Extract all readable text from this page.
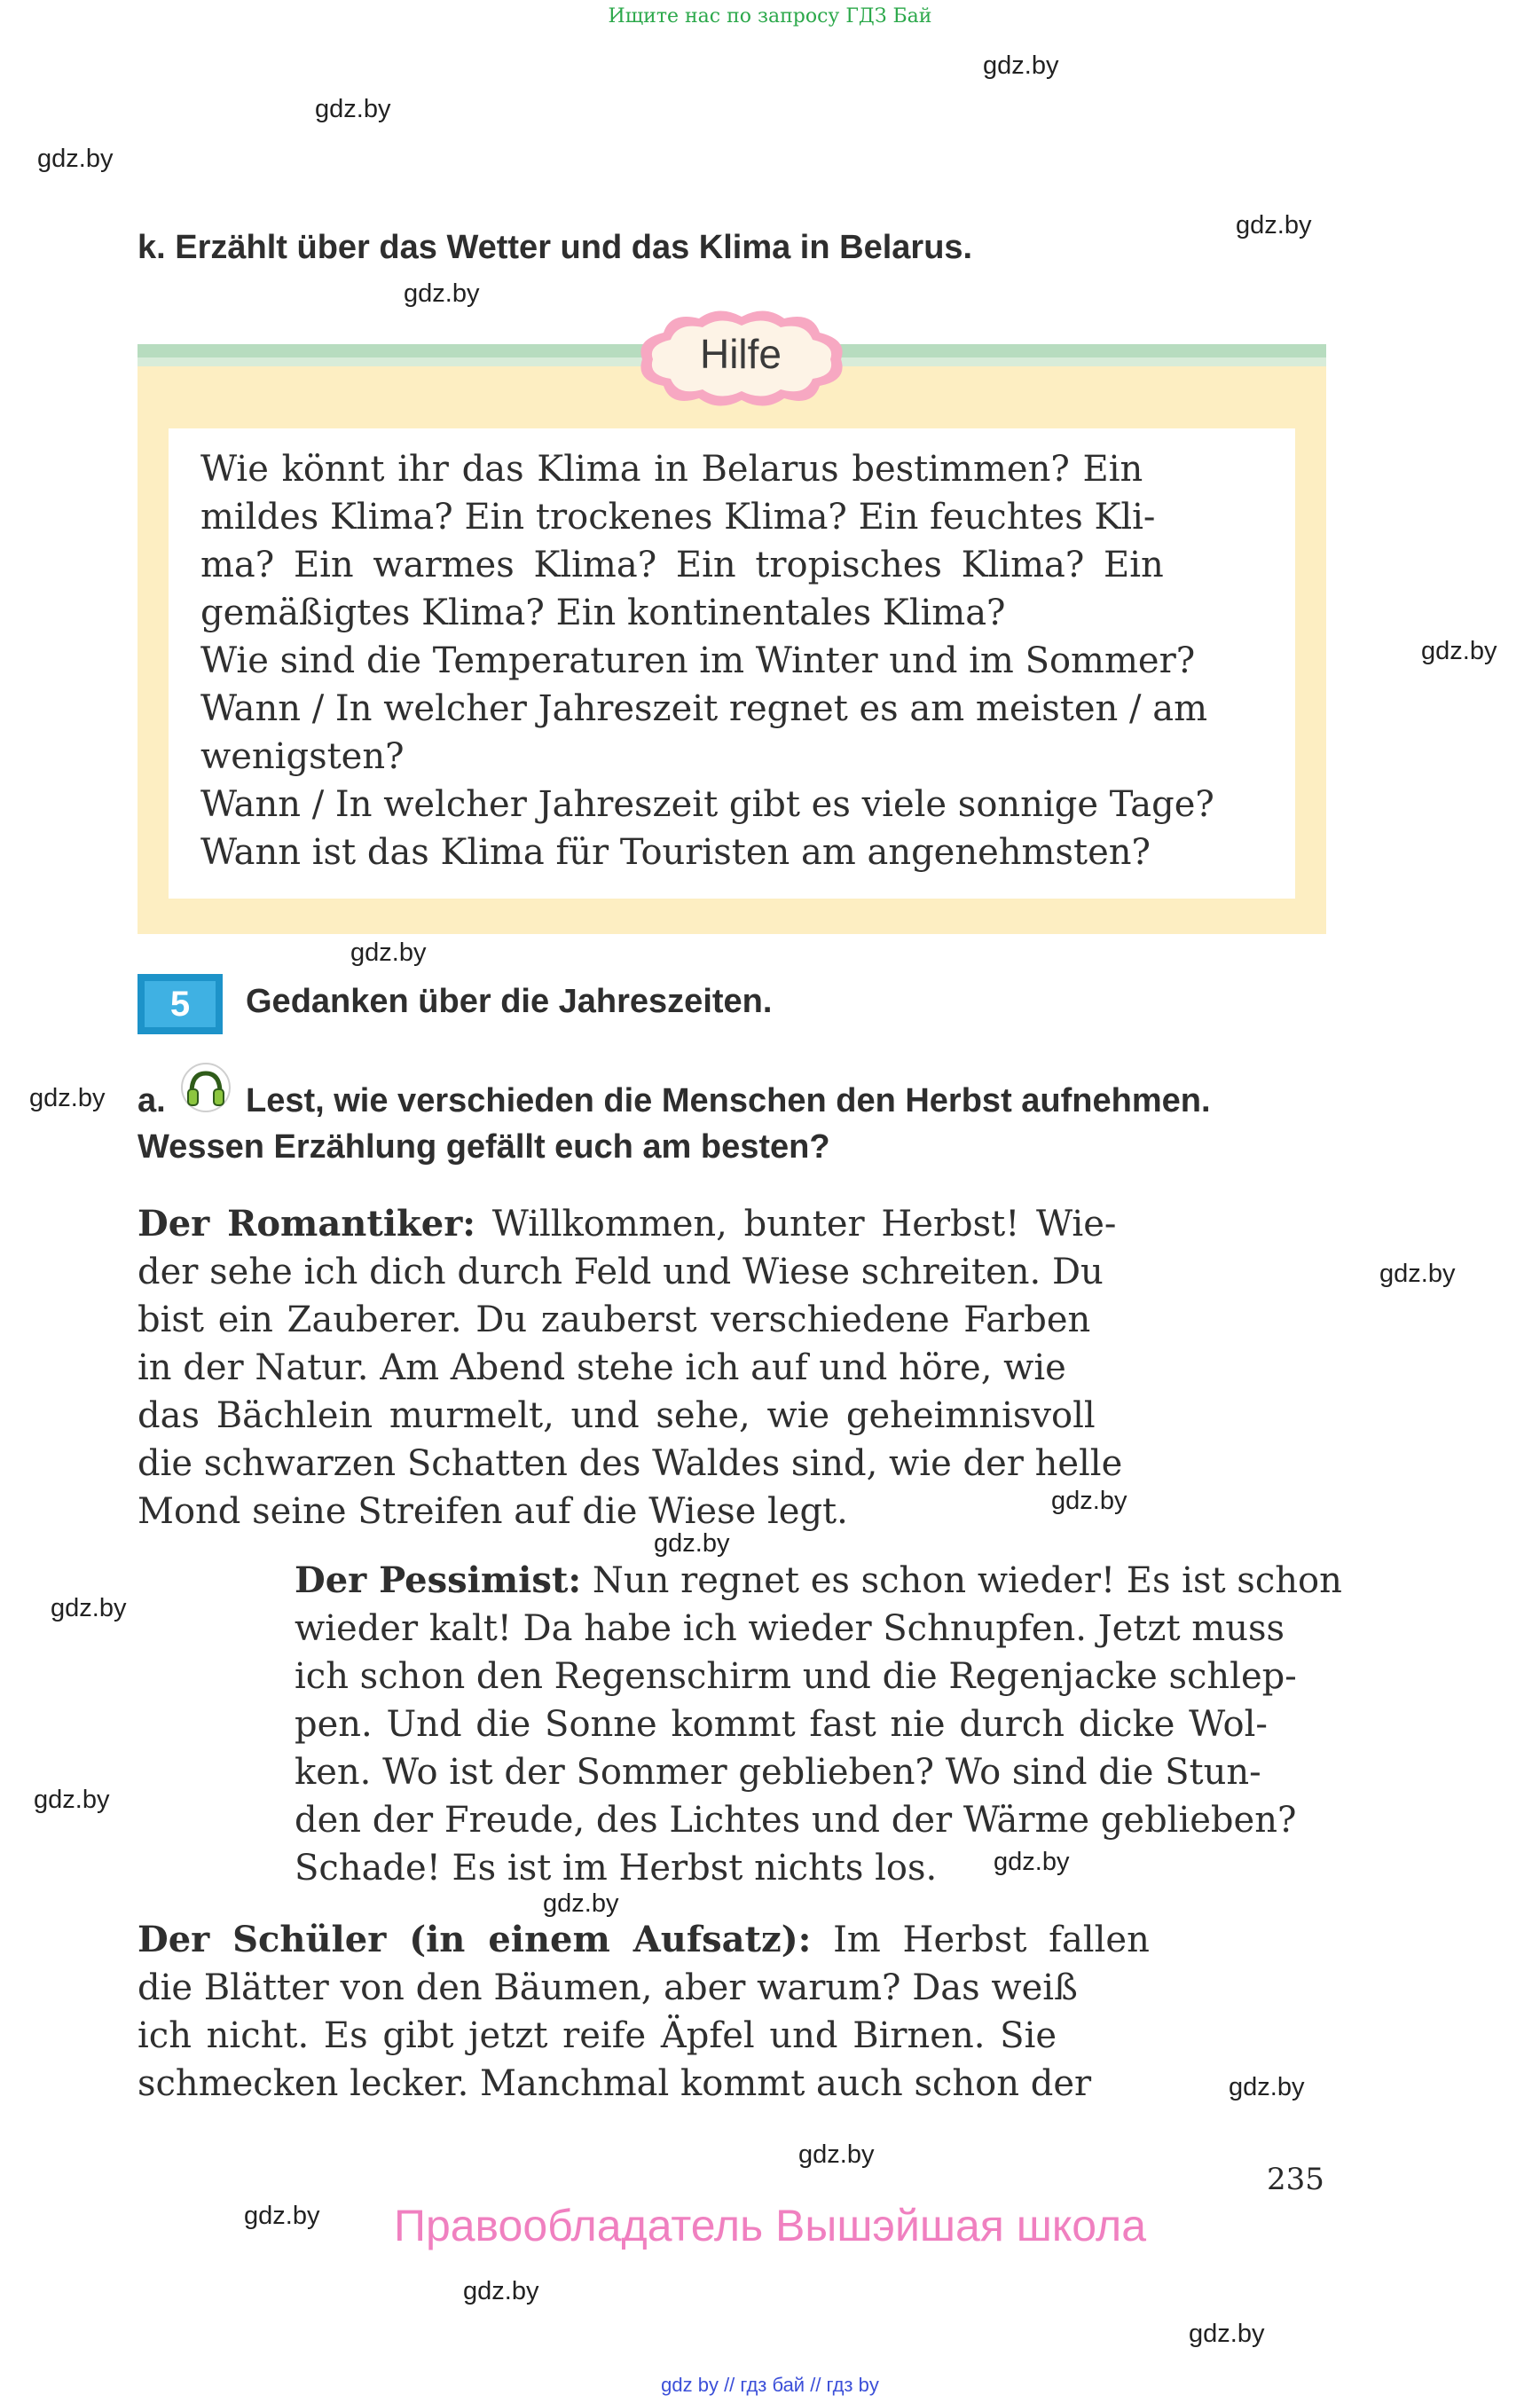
Ищите нас по запросу ГДЗ Бай
gdz.by
gdz.by
gdz.by
gdz.by
gdz.by
gdz.by
gdz.by
gdz.by
gdz.by
gdz.by
gdz.by
gdz.by
gdz.by
gdz.by
gdz.by
gdz.by
gdz.by
gdz.by
gdz.by
gdz.by
k. Erzählt über das Wetter und das Klima in Belarus.
Hilfe
Wie könnt ihr das Klima in Belarus bestimmen? Ein
mildes Klima? Ein trockenes Klima? Ein feuchtes Kli-
ma? Ein warmes Klima? Ein tropisches Klima? Ein
gemäßigtes Klima? Ein kontinentales Klima?
Wie sind die Temperaturen im Winter und im Sommer?
Wann / In welcher Jahreszeit regnet es am meisten / am
wenigsten?
Wann / In welcher Jahreszeit gibt es viele sonnige Tage?
Wann ist das Klima für Touristen am angenehmsten?
5	Gedanken über die Jahreszeiten.
a. Lest, wie verschieden die Menschen den Herbst aufnehmen.
Wessen Erzählung gefällt euch am besten?
Der Romantiker: Willkommen, bunter Herbst! Wie-
der sehe ich dich durch Feld und Wiese schreiten. Du
bist ein Zauberer. Du zauberst verschiedene Farben
in der Natur. Am Abend stehe ich auf und höre, wie
das Bächlein murmelt, und sehe, wie geheimnisvoll
die schwarzen Schatten des Waldes sind, wie der helle
Mond seine Streifen auf die Wiese legt.
Der Pessimist: Nun regnet es schon wieder! Es ist schon
wieder kalt! Da habe ich wieder Schnupfen. Jetzt muss
ich schon den Regenschirm und die Regenjacke schlep-
pen. Und die Sonne kommt fast nie durch dicke Wol-
ken. Wo ist der Sommer geblieben? Wo sind die Stun-
den der Freude, des Lichtes und der Wärme geblieben?
Schade! Es ist im Herbst nichts los.
Der Schüler (in einem Aufsatz): Im Herbst fallen
die Blätter von den Bäumen, aber warum? Das weiß
ich nicht. Es gibt jetzt reife Äpfel und Birnen. Sie
schmecken lecker. Manchmal kommt auch schon der
235
Правообладатель Вышэйшая школа
gdz by // гдз бай // гдз by
